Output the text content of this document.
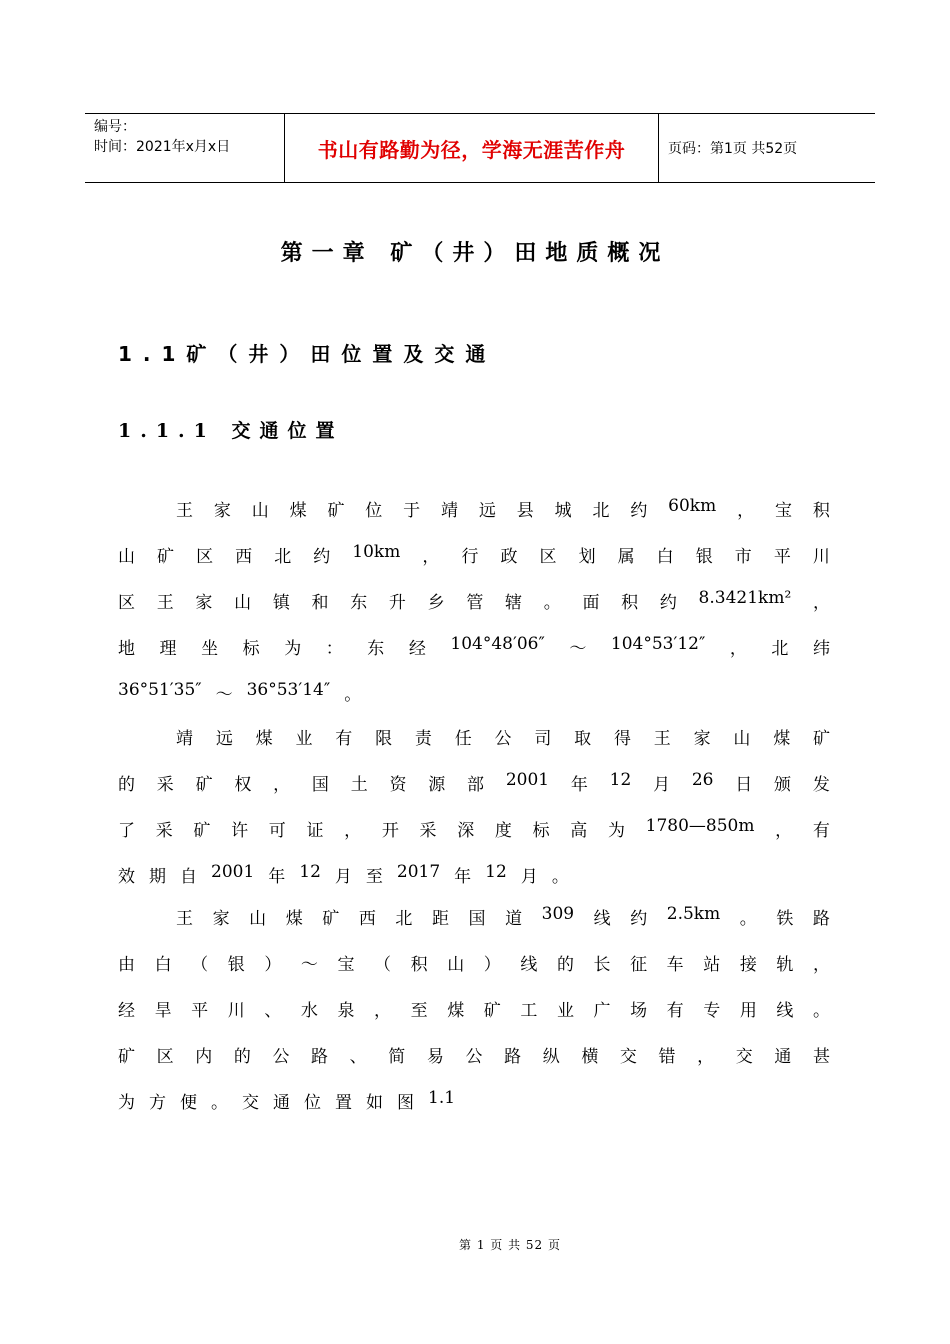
编号：
时间：2021年x月x日	书山有路勤为径，学海无涯苦作舟	页码：第1页 共52页
第一章 矿（井）田地质概况
1.1矿（井）田位置及交通
1.1.1 交通位置
王 家 山 煤 矿 位 于 靖 远 县 城 北 约 60km ， 宝 积
山 矿 区 西 北 约 10km ， 行 政 区 划 属 白 银 市 平 川
区 王 家 山 镇 和 东 升 乡 管 辖 。 面 积 约 8.3421km² ，
地 理 坐 标 为 ： 东 经 104°48′06″ ～ 104°53′12″ ， 北 纬
36°51′35″ ～ 36°53′14″ 。
靖 远 煤 业 有 限 责 任 公 司 取 得 王 家 山 煤 矿
的 采 矿 权 ， 国 土 资 源 部 2001 年 12 月 26 日 颁 发
了 采 矿 许 可 证 ， 开 采 深 度 标 高 为 1780—850m ， 有
效 期 自 2001 年 12 月 至 2017 年 12 月 。
王 家 山 煤 矿 西 北 距 国 道 309 线 约 2.5km 。 铁 路
由 白 （ 银 ） ～ 宝 （ 积 山 ） 线 的 长 征 车 站 接 轨 ，
经 旱 平 川 、 水 泉 ， 至 煤 矿 工 业 广 场 有 专 用 线 。
矿 区 内 的 公 路 、 简 易 公 路 纵 横 交 错 ， 交 通 甚
为 方 便 。 交 通 位 置 如 图 1.1
第 1 页 共 52 页
